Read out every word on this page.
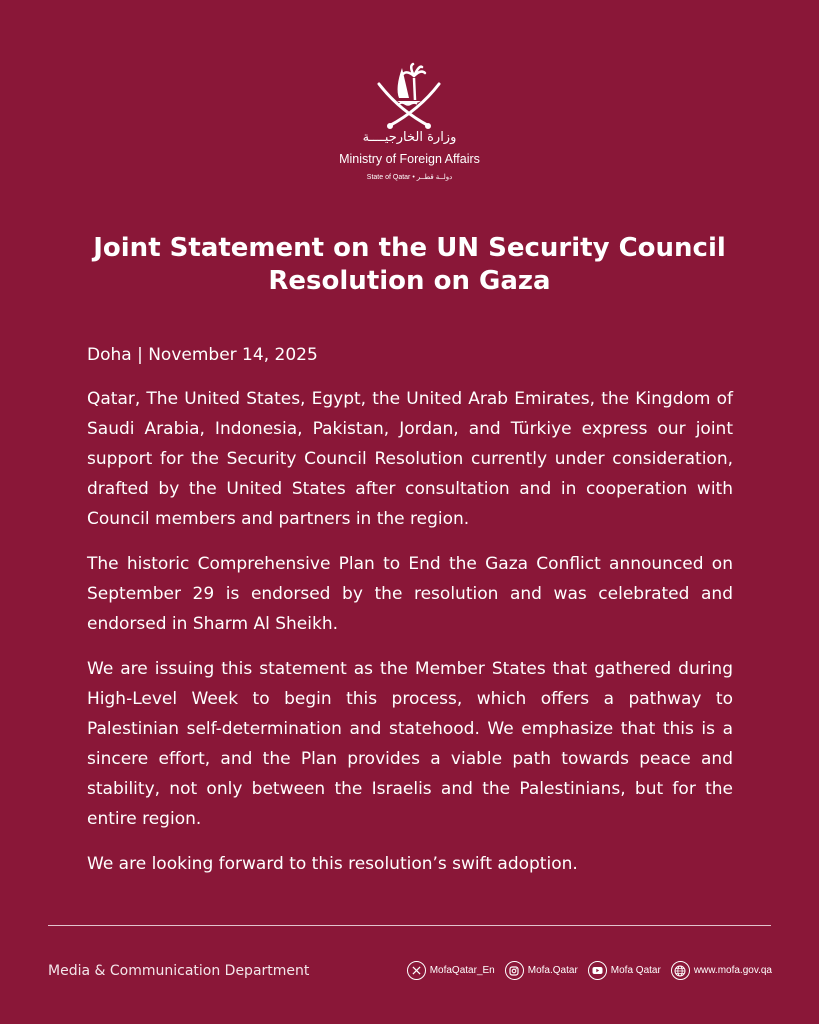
وزارة الخارجيــــة
Ministry of Foreign Affairs
State of Qatar • دولــة قطــر
Joint Statement on the UN Security Council
Resolution on Gaza

Doha | November 14, 2025

Qatar, The United States, Egypt, the United Arab Emirates, the Kingdom of Saudi Arabia, Indonesia, Pakistan, Jordan, and Türkiye express our joint support for the Security Council Resolution currently under consideration, drafted by the United States after consultation and in cooperation with Council members and partners in the region.

The historic Comprehensive Plan to End the Gaza Conflict announced on September 29 is endorsed by the resolution and was celebrated and endorsed in Sharm Al Sheikh.

We are issuing this statement as the Member States that gathered during High-Level Week to begin this process, which offers a pathway to Palestinian self-determination and statehood. We emphasize that this is a sincere effort, and the Plan provides a viable path towards peace and stability, not only between the Israelis and the Palestinians, but for the entire region.

We are looking forward to this resolution’s swift adoption.

Media & Communication Department	MofaQatar_En	Mofa.Qatar	Mofa Qatar	www.mofa.gov.qa
